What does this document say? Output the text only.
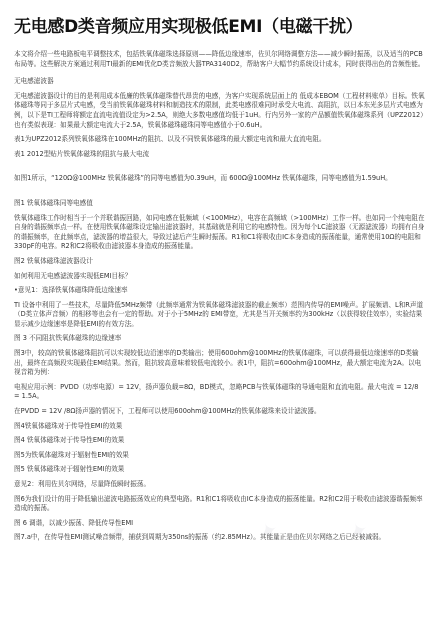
无电感D类音频应用实现极低EMI（电磁干扰）
本文将介绍一些电路板电平调整技术，包括铁氧体磁珠选择原则——降低边缘速率，佐贝尔网络调整方法——减少瞬时振荡，以及适当的PCB布局等。这些解决方案通过利用TI最新的EMI优化D类音频放大器TPA3140D2，帮助客户大幅节约系统设计成本，同时获得出色的音频性能。
无电感滤波器
无电感滤波器设计的目的是利用成本低廉的铁氧体磁珠替代昂贵的电感，为客户实现系统层面上的 低成本EBOM（工程材料账单）目标。铁氧体磁珠等同于多层片式电感，受当前铁氧体磁珠材料和制造技术的限制，此类电感很难同时承受大电流、高阻抗，以日本东光多层片式电感为例，以下是TI工程师将额定直流电流值设定为>2.5A，则绝大多数电感值均低于1uH。行内另外一家的产品额值铁氧体磁珠系列（UPZ2012）也有类似表现：如果最大额定电流大于2.5A，铁氧体磁珠磁珠同等电感值小于0.6uH。
表1为UPZ2012系列铁氧体磁珠在100MHz的阻抗、以及不同铁氧体磁珠的最大额定电流和最大直流电阻。
表1 2012型贴片铁氧体磁珠的阻抗与最大电流
如图1所示，“120Ω@100MHz 铁氧体磁珠”的同等电感值为0.39uH，而 600Ω@100MHz 铁氧体磁珠，同等电感值为1.59uH。
图1 铁氧体磁珠同等电感值
铁氧体磁珠工作时相当于一个并联谐振回路，如同电感在低频域（<100MHz），电容在高频域（>100MHz）工作一样。也如同一个纯电阻在自身的谐振频率点一样。在使用铁氧体磁珠设定输出滤波器时，其基础就是利用它的电感特性。因为每个LC滤波器（无源滤波器）均拥有自身的谐振频率，在此频率点，滤波器的增益很大，导致过滤后产生瞬时振荡。R1和C1将吸收由IC本身造成的振荡能量，通常使用10Ω的电阻和330pF的电容。R2和C2将吸收由滤波器本身造成的振荡能量。
图2 铁氧体磁珠滤波器设计
如何利用无电感滤波器实现低EMI目标？
•意见1：选择铁氧体磁珠降低边缘速率
TI 设备中利用了一些技术，尽量降低5MHz频带（此频率通常为铁氧体磁珠滤波器的截止频率）范围内传导的EMI噪声。扩展频谱、L和R声道（D类立体声音频）的相移等也会有一定的帮助。对于小于5MHz的 EMI带宽，尤其是当开关频率约为300kHz（以获得较佳效率），实验结果显示减少边缘速率是降低EMI的有效方法。
图 3 不同阻抗铁氧体磁珠的边缘速率
图3中，较高的铁氧体磁珠阻抗可以实现较低边沿速率的D类输出；使用600ohm@100MHz的铁氧体磁珠，可以获得最低边缘速率的D类输出，最终在高频段实现最佳EMI结果。然而，阻抗较高意味着较低电流较小。表1中，阻抗=600ohm@100MHz，最大额定电流为2A。以电视音箱为例：
电视应用示例：PVDD（功率电源）= 12V，扬声器负载=8Ω，BD模式，忽略PCB与铁氧体磁珠的导通电阻和直流电阻。最大电流 = 12/8 = 1.5A。
在PVDD = 12V /8Ω扬声器的情况下，工程师可以使用600ohm@100MHz的铁氧体磁珠来设计滤波器。
图4铁氧体磁珠对于传导性EMI的效果
图4 铁氧体磁珠对于传导性EMI的效果
图5为铁氧体磁珠对于辐射性EMI的效果
图5 铁氧体磁珠对于辐射性EMI的效果
意见2：利用佐贝尔网络，尽量降低瞬时振荡。
图6为我们设计的用于降低输出滤波电路振荡效应的典型电路。R1和C1将吸收由IC本身造成的振荡能量。R2和C2用于吸收由滤波器谐振频率造成的振荡。
图 6 调谐，以减少振荡、降低传导性EMI
图7.a中，在传导性EMI测试噪音频带，捕获到周期为350ns的振荡（约2.85MHz）。其能量正是由佐贝尔网络之后已经被减弱。
✦	✦	✦
